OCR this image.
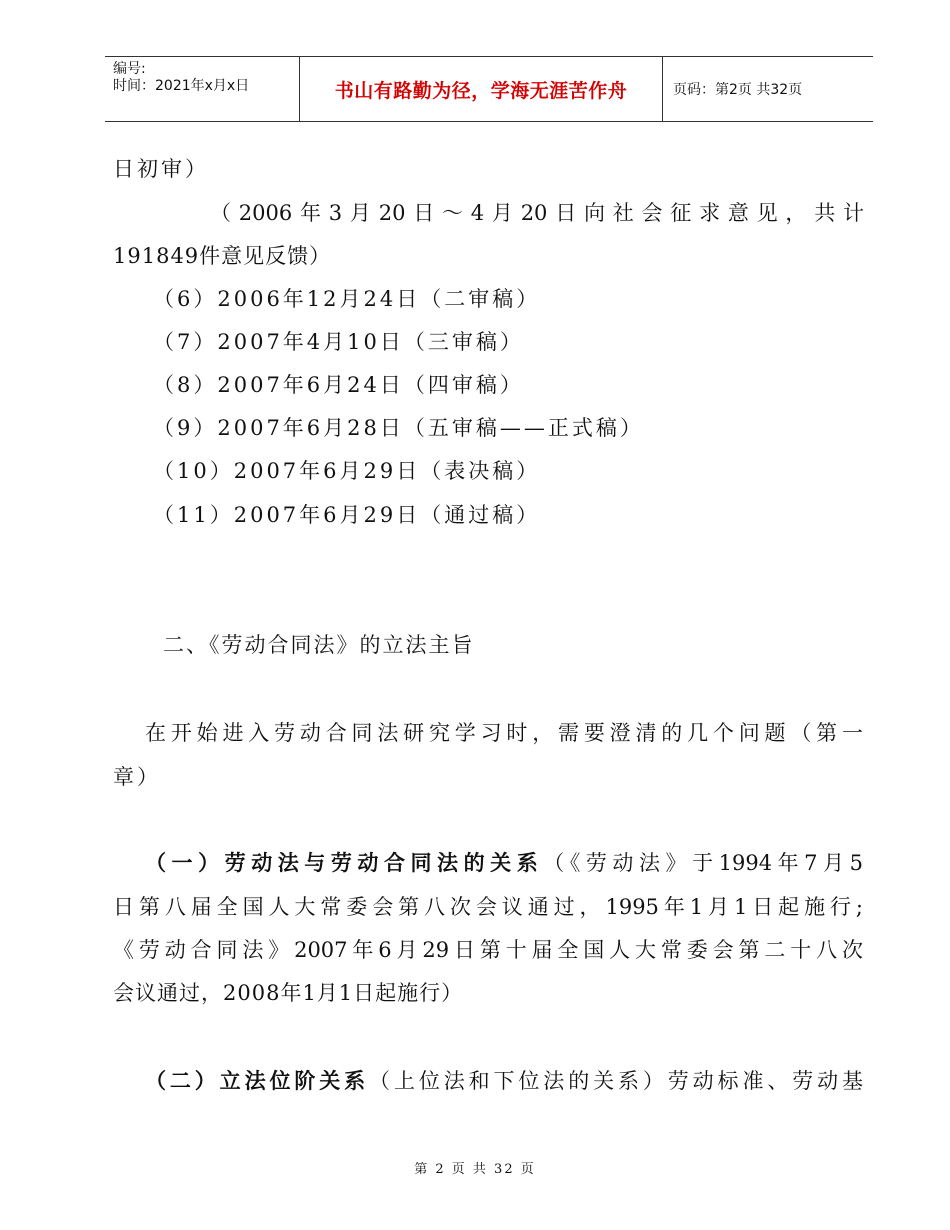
编号:
时间：2021年x月x日	书山有路勤为径，学海无涯苦作舟	页码：第2页 共32页
日初审）
（2006年3月20日～4月20日向社会征求意见，共计
191849件意见反馈）
（6）2006年12月24日（二审稿）
（7）2007年4月10日（三审稿）
（8）2007年6月24日（四审稿）
（9）2007年6月28日（五审稿——正式稿）
（10）2007年6月29日（表决稿）
（11）2007年6月29日（通过稿）
二、《劳动合同法》的立法主旨
在开始进入劳动合同法研究学习时，需要澄清的几个问题（第一
章）
（一）劳动法与劳动合同法的关系（《劳动法》于1994年7月5
日第八届全国人大常委会第八次会议通过，1995年1月1日起施行;
《劳动合同法》2007年6月29日第十届全国人大常委会第二十八次
会议通过，2008年1月1日起施行）
（二）立法位阶关系（上位法和下位法的关系）劳动标准、劳动基
第 2 页 共 32 页
